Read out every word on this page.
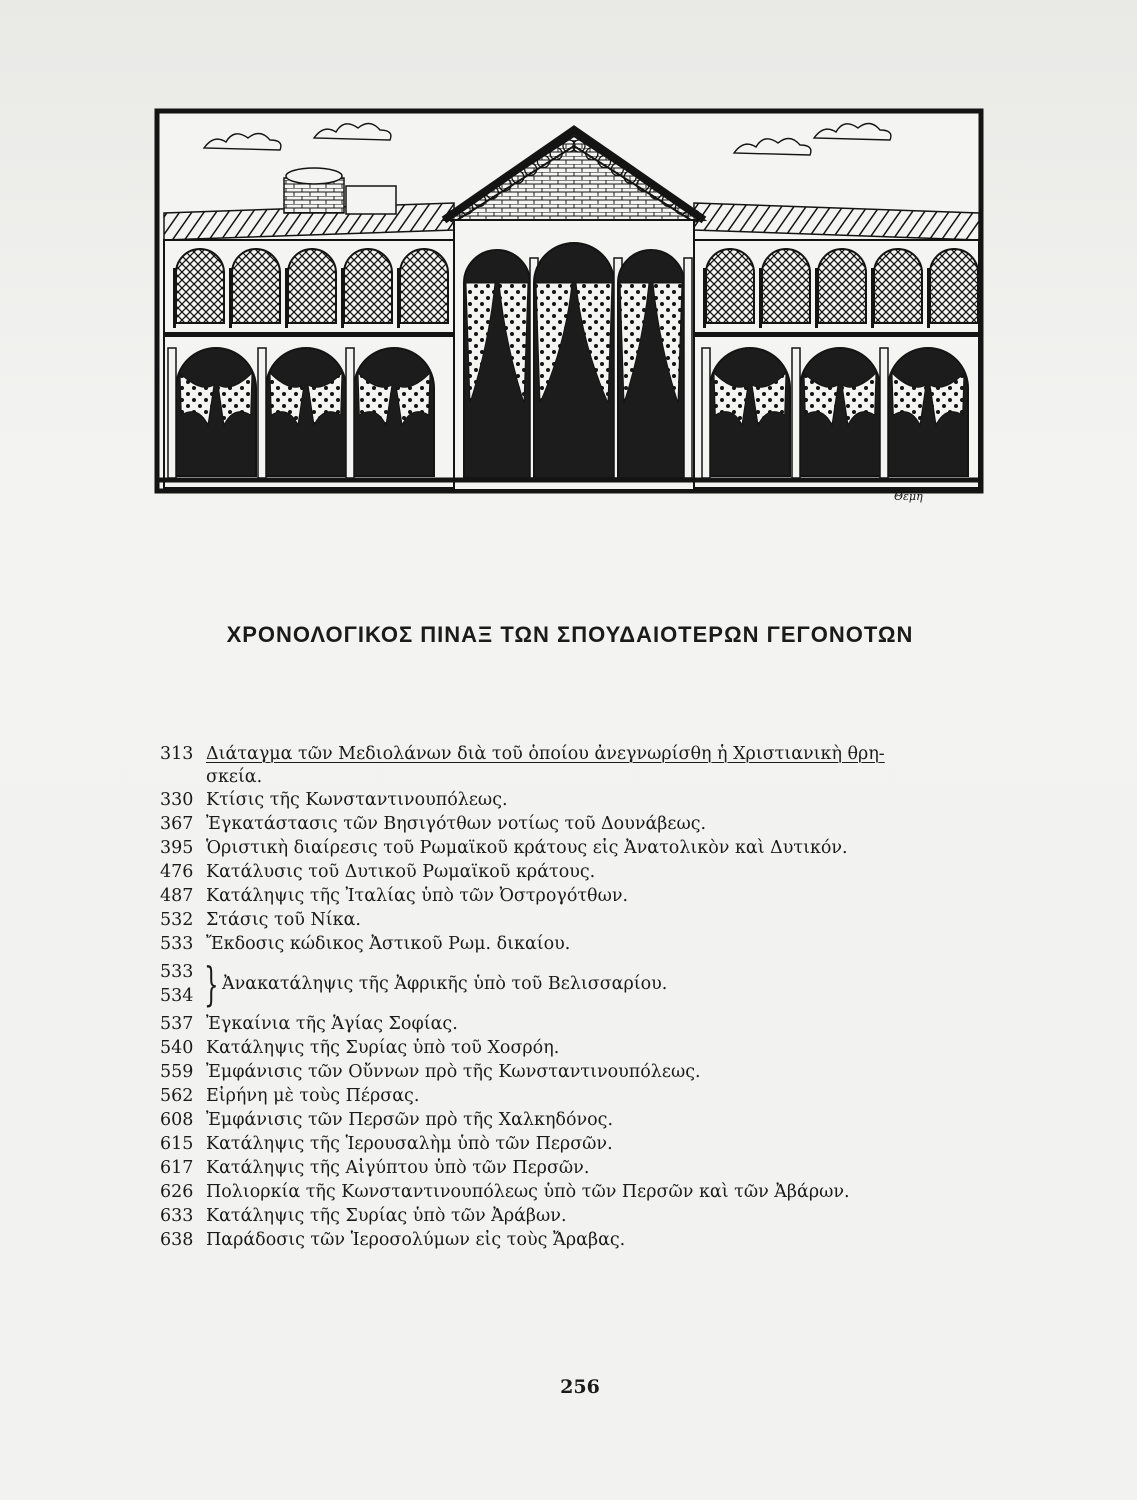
Θέμη
ΧΡΟΝΟΛΟΓΙΚΟΣ ΠΙΝΑΞ ΤΩΝ ΣΠΟΥΔΑΙΟΤΕΡΩΝ ΓΕΓΟΝΟΤΩΝ
313 Διάταγμα τῶν Μεδιολάνων διὰ τοῦ ὁποίου ἀνεγνωρίσθη ἡ Χριστιανικὴ θρη-
σκεία.
330 Κτίσις τῆς Κωνσταντινουπόλεως.
367 Ἐγκατάστασις τῶν Βησιγότθων νοτίως τοῦ Δουνάβεως.
395 Ὁριστικὴ διαίρεσις τοῦ Ρωμαϊκοῦ κράτους εἰς Ἀνατολικὸν καὶ Δυτικόν.
476 Κατάλυσις τοῦ Δυτικοῦ Ρωμαϊκοῦ κράτους.
487 Κατάληψις τῆς Ἰταλίας ὑπὸ τῶν Ὀστρογότθων.
532 Στάσις τοῦ Νίκα.
533 Ἔκδοσις κώδικος Ἀστικοῦ Ρωμ. δικαίου.
533
534 } Ἀνακατάληψις τῆς Ἀφρικῆς ὑπὸ τοῦ Βελισσαρίου.
537 Ἐγκαίνια τῆς Ἁγίας Σοφίας.
540 Κατάληψις τῆς Συρίας ὑπὸ τοῦ Χοσρόη.
559 Ἐμφάνισις τῶν Οὔννων πρὸ τῆς Κωνσταντινουπόλεως.
562 Εἰρήνη μὲ τοὺς Πέρσας.
608 Ἐμφάνισις τῶν Περσῶν πρὸ τῆς Χαλκηδόνος.
615 Κατάληψις τῆς Ἱερουσαλὴμ ὑπὸ τῶν Περσῶν.
617 Κατάληψις τῆς Αἰγύπτου ὑπὸ τῶν Περσῶν.
626 Πολιορκία τῆς Κωνσταντινουπόλεως ὑπὸ τῶν Περσῶν καὶ τῶν Ἀβάρων.
633 Κατάληψις τῆς Συρίας ὑπὸ τῶν Ἀράβων.
638 Παράδοσις τῶν Ἱεροσολύμων εἰς τοὺς Ἄραβας.
256
